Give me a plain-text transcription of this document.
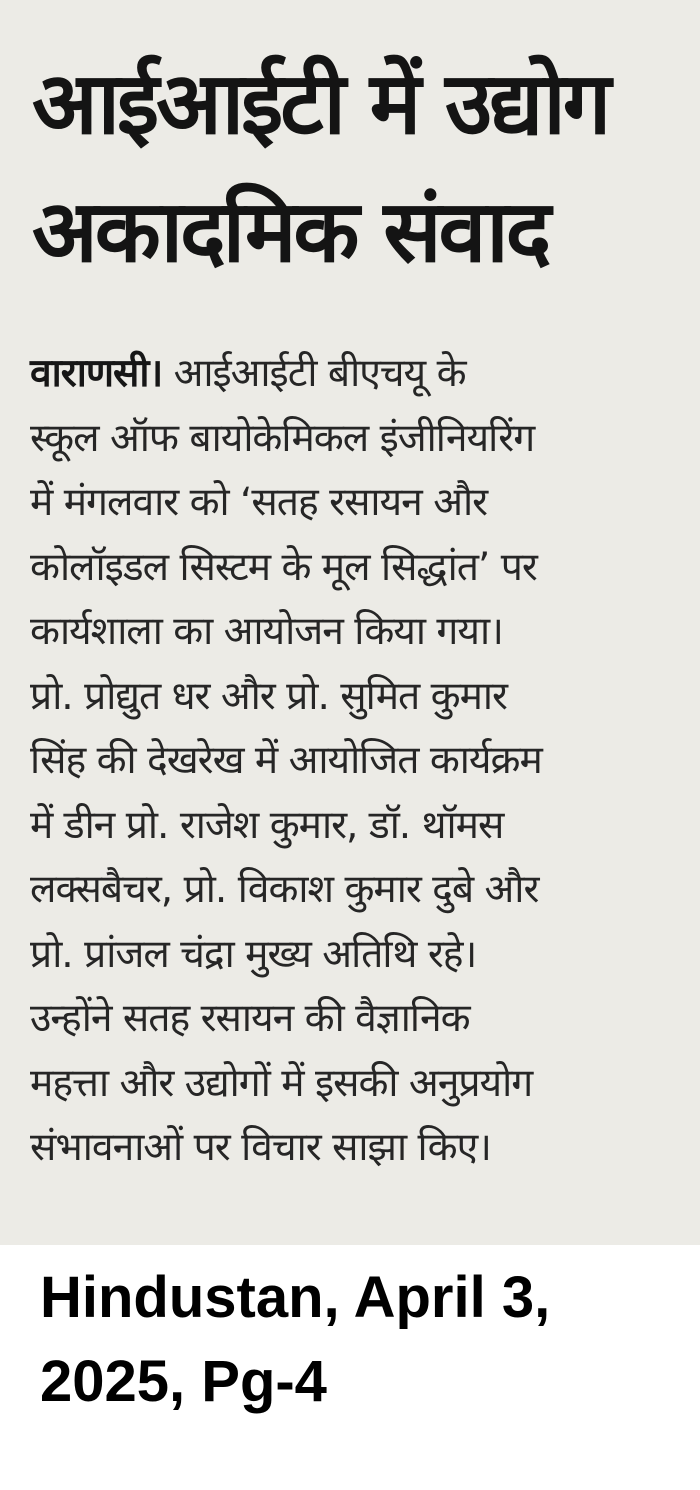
आईआईटी में उद्योग
अकादमिक संवाद
वाराणसी। आईआईटी बीएचयू के
स्कूल ऑफ बायोकेमिकल इंजीनियरिंग
में मंगलवार को ‘सतह रसायन और
कोलॉइडल सिस्टम के मूल सिद्धांत’ पर
कार्यशाला का आयोजन किया गया।
प्रो. प्रोद्युत धर और प्रो. सुमित कुमार
सिंह की देखरेख में आयोजित कार्यक्रम
में डीन प्रो. राजेश कुमार, डॉ. थॉमस
लक्सबैचर, प्रो. विकाश कुमार दुबे और
प्रो. प्रांजल चंद्रा मुख्य अतिथि रहे।
उन्होंने सतह रसायन की वैज्ञानिक
महत्ता और उद्योगों में इसकी अनुप्रयोग
संभावनाओं पर विचार साझा किए।
Hindustan, April 3,
2025, Pg-4
